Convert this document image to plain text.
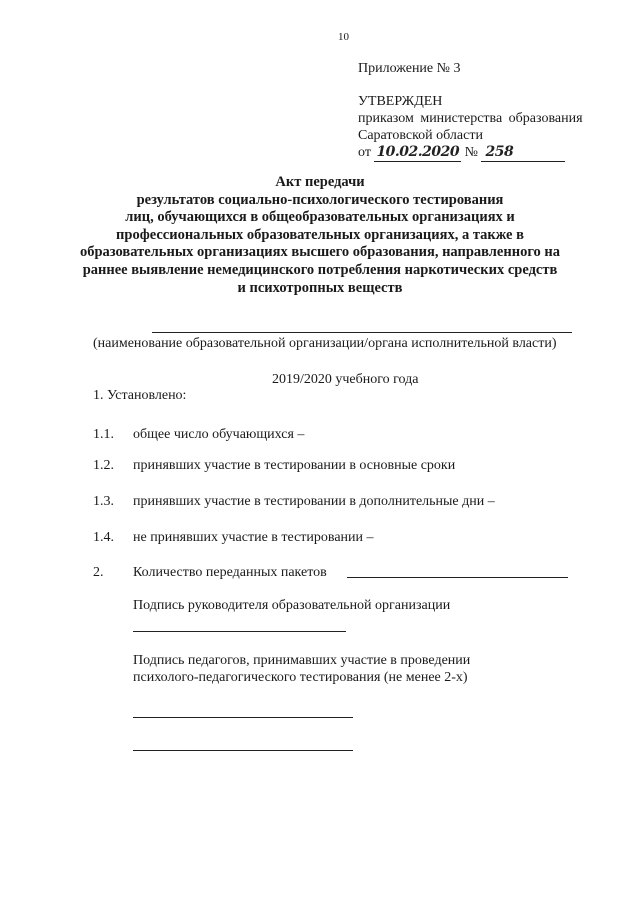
10
Приложение № 3
УТВЕРЖДЕН
приказом министерства образования
Саратовской области
от 10.02.2020 № 258
Акт передачи
результатов социально-психологического тестирования
лиц, обучающихся в общеобразовательных организациях и
профессиональных образовательных организациях, а также в
образовательных организациях высшего образования, направленного на
раннее выявление немедицинского потребления наркотических средств
и психотропных веществ
(наименование образовательной организации/органа исполнительной власти)
2019/2020 учебного года
1. Установлено:
1.1. общее число обучающихся –
1.2. принявших участие в тестировании в основные сроки
1.3. принявших участие в тестировании в дополнительные дни –
1.4. не принявших участие в тестировании –
2. Количество переданных пакетов
Подпись руководителя образовательной организации
Подпись педагогов, принимавших участие в проведении
психолого-педагогического тестирования (не менее 2-х)
